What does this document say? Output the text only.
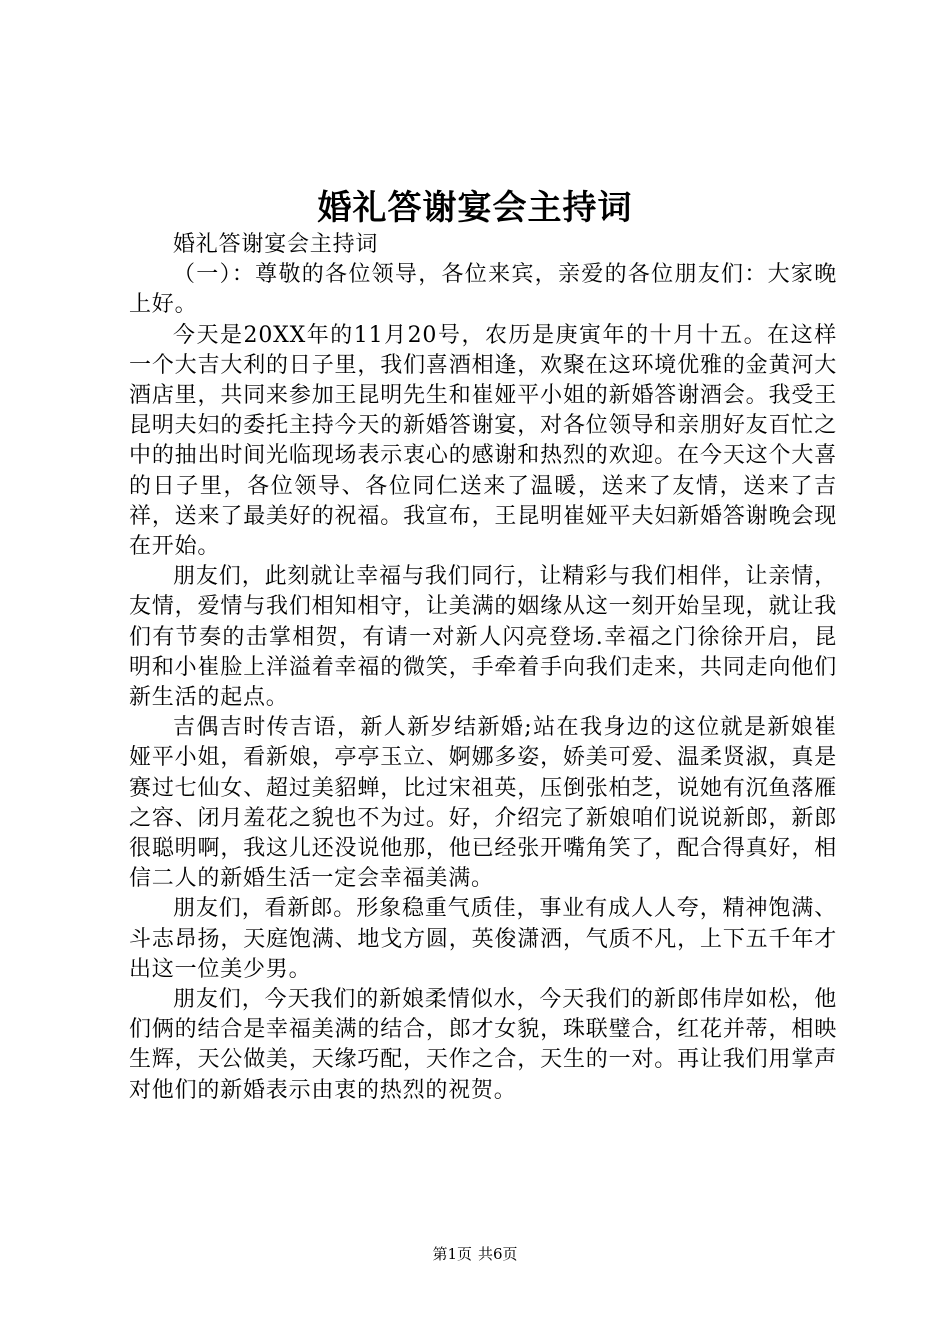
婚礼答谢宴会主持词

婚礼答谢宴会主持词

（一）：尊敬的各位领导，各位来宾，亲爱的各位朋友们：大家晚上好。

今天是20XX年的11月20号，农历是庚寅年的十月十五。在这样一个大吉大利的日子里，我们喜酒相逢，欢聚在这环境优雅的金黄河大酒店里，共同来参加王昆明先生和崔娅平小姐的新婚答谢酒会。我受王昆明夫妇的委托主持今天的新婚答谢宴，对各位领导和亲朋好友百忙之中的抽出时间光临现场表示衷心的感谢和热烈的欢迎。在今天这个大喜的日子里，各位领导、各位同仁送来了温暖，送来了友情，送来了吉祥，送来了最美好的祝福。我宣布，王昆明崔娅平夫妇新婚答谢晚会现在开始。

朋友们，此刻就让幸福与我们同行，让精彩与我们相伴，让亲情，友情，爱情与我们相知相守，让美满的姻缘从这一刻开始呈现，就让我们有节奏的击掌相贺，有请一对新人闪亮登场.幸福之门徐徐开启，昆明和小崔脸上洋溢着幸福的微笑，手牵着手向我们走来，共同走向他们新生活的起点。

吉偶吉时传吉语，新人新岁结新婚;站在我身边的这位就是新娘崔娅平小姐，看新娘，亭亭玉立、婀娜多姿，娇美可爱、温柔贤淑，真是赛过七仙女、超过美貂蝉，比过宋祖英，压倒张柏芝，说她有沉鱼落雁之容、闭月羞花之貌也不为过。好，介绍完了新娘咱们说说新郎，新郎很聪明啊，我这儿还没说他那，他已经张开嘴角笑了，配合得真好，相信二人的新婚生活一定会幸福美满。

朋友们，看新郎。形象稳重气质佳，事业有成人人夸，精神饱满、斗志昂扬，天庭饱满、地戈方圆，英俊潇洒，气质不凡，上下五千年才出这一位美少男。

朋友们，今天我们的新娘柔情似水，今天我们的新郎伟岸如松，他们俩的结合是幸福美满的结合，郎才女貌，珠联璧合，红花并蒂，相映生辉，天公做美，天缘巧配，天作之合，天生的一对。再让我们用掌声对他们的新婚表示由衷的热烈的祝贺。

第1页 共6页
